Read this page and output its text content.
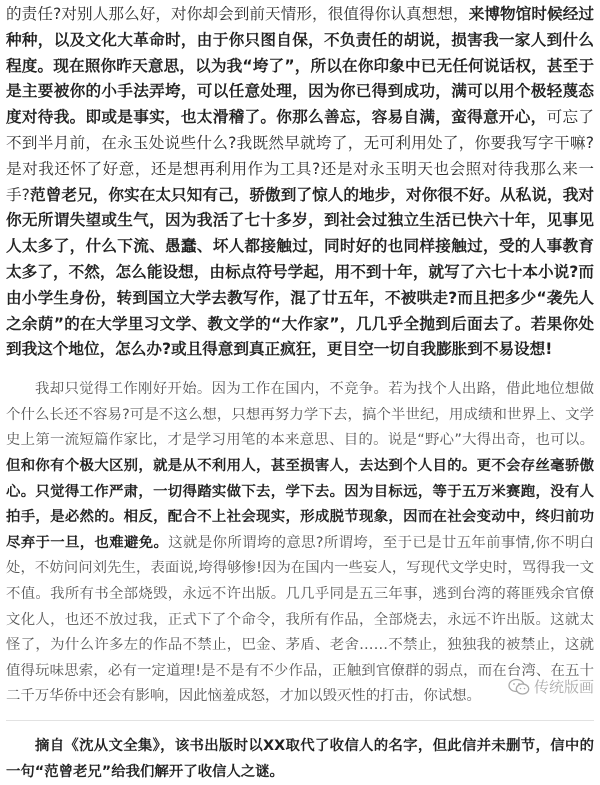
的责任?对别人那么好，对你却会到前天情形，很值得你认真想想，来博物馆时候经过种种，以及文化大革命时，由于你只图自保，不负责任的胡说，损害我一家人到什么程度。现在照你昨天意思，以为我“垮了”，所以在你印象中已无任何说话权，甚至于是主要被你的小手法弄垮，可以任意处理，因为你已得到成功，满可以用个极轻蔑态度对待我。即或是事实，也太滑稽了。你那么善忘，容易自满，蛮得意开心，可忘了不到半月前，在永玉处说些什么?我既然早就垮了，无可利用处了，你要我写字干嘛?是对我还怀了好意，还是想再利用作为工具?还是对永玉明天也会照对待我那么来一手?范曾老兄，你实在太只知有己，骄傲到了惊人的地步，对你很不好。从私说，我对你无所谓失望或生气，因为我活了七十多岁，到社会过独立生活已快六十年，见事见人太多了，什么下流、愚蠢、坏人都接触过，同时好的也同样接触过，受的人事教育太多了，不然，怎么能设想，由标点符号学起，用不到十年，就写了六七十本小说?而由小学生身份，转到国立大学去教写作，混了廿五年，不被哄走?而且把多少“袭先人之余荫”的在大学里习文学、教文学的“大作家”，几几乎全抛到后面去了。若果你处到我这个地位，怎么办?或且得意到真正疯狂，更目空一切自我膨胀到不易设想!

我却只觉得工作刚好开始。因为工作在国内，不竞争。若为找个人出路，借此地位想做个什么长还不容易?可是不这么想，只想再努力学下去，搞个半世纪，用成绩和世界上、文学史上第一流短篇作家比，才是学习用笔的本来意思、目的。说是“野心”大得出奇，也可以。但和你有个极大区别，就是从不利用人，甚至损害人，去达到个人目的。更不会存丝毫骄傲心。只觉得工作严肃，一切得踏实做下去，学下去。因为目标远，等于五万米赛跑，没有人拍手，是必然的。相反，配合不上社会现实，形成脱节现象，因而在社会变动中，终归前功尽弃于一旦，也难避免。这就是你所谓垮的意思?所谓垮，至于已是廿五年前事情,你不明白处，不妨问问刘先生，表面说,垮得够惨!因为在国内一些妄人，写现代文学史时，骂得我一文不值。我所有书全部烧毁，永远不许出版。几几乎同是五三年事，逃到台湾的蒋匪残余官僚文化人，也还不放过我，正式下了个命令，我所有作品，全部烧去，永远不许出版。这就太怪了，为什么许多左的作品不禁止，巴金、茅盾、老舍……不禁止，独独我的被禁止，这就值得玩味思索，必有一定道理!是不是有不少作品，正触到官僚群的弱点，而在台湾、在五十二千万华侨中还会有影响，因此恼羞成怒，才加以毁灭性的打击，你试想。

摘自《沈从文全集》，该书出版时以XX取代了收信人的名字，但此信并未删节，信中的一句“范曾老兄”给我们解开了收信人之谜。

传统版画
